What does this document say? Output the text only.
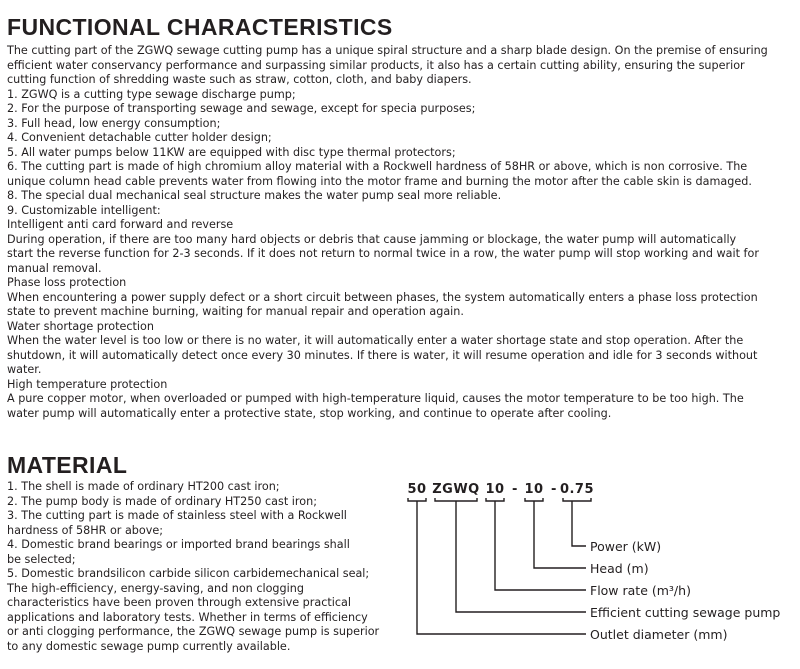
FUNCTIONAL CHARACTERISTICS

The cutting part of the ZGWQ sewage cutting pump has a unique spiral structure and a sharp blade design. On the premise of ensuring

efficient water conservancy performance and surpassing similar products, it also has a certain cutting ability, ensuring the superior

cutting function of shredding waste such as straw, cotton, cloth, and baby diapers.

1. ZGWQ is a cutting type sewage discharge pump;

2. For the purpose of transporting sewage and sewage, except for specia purposes;

3. Full head, low energy consumption;

4. Convenient detachable cutter holder design;

5. All water pumps below 11KW are equipped with disc type thermal protectors;

6. The cutting part is made of high chromium alloy material with a Rockwell hardness of 58HR or above, which is non corrosive. The

unique column head cable prevents water from flowing into the motor frame and burning the motor after the cable skin is damaged.

8. The special dual mechanical seal structure makes the water pump seal more reliable.

9. Customizable intelligent:

Intelligent anti card forward and reverse

During operation, if there are too many hard objects or debris that cause jamming or blockage, the water pump will automatically

start the reverse function for 2-3 seconds. If it does not return to normal twice in a row, the water pump will stop working and wait for

manual removal.

Phase loss protection

When encountering a power supply defect or a short circuit between phases, the system automatically enters a phase loss protection

state to prevent machine burning, waiting for manual repair and operation again.

Water shortage protection

When the water level is too low or there is no water, it will automatically enter a water shortage state and stop operation. After the

shutdown, it will automatically detect once every 30 minutes. If there is water, it will resume operation and idle for 3 seconds without

water.

High temperature protection

A pure copper motor, when overloaded or pumped with high-temperature liquid, causes the motor temperature to be too high. The

water pump will automatically enter a protective state, stop working, and continue to operate after cooling.

MATERIAL

1. The shell is made of ordinary HT200 cast iron;

2. The pump body is made of ordinary HT250 cast iron;

3. The cutting part is made of stainless steel with a Rockwell

hardness of 58HR or above;

4. Domestic brand bearings or imported brand bearings shall

be selected;

5. Domestic brandsilicon carbide silicon carbidemechanical seal;

The high-efficiency, energy-saving, and non clogging

characteristics have been proven through extensive practical

applications and laboratory tests. Whether in terms of efficiency

or anti clogging performance, the ZGWQ sewage pump is superior

to any domestic sewage pump currently available.

50 ZGWQ 10 - 10 - 0.75
Power (kW)
Head (m)
Flow rate (m³/h)
Efficient cutting sewage pump
Outlet diameter (mm)
